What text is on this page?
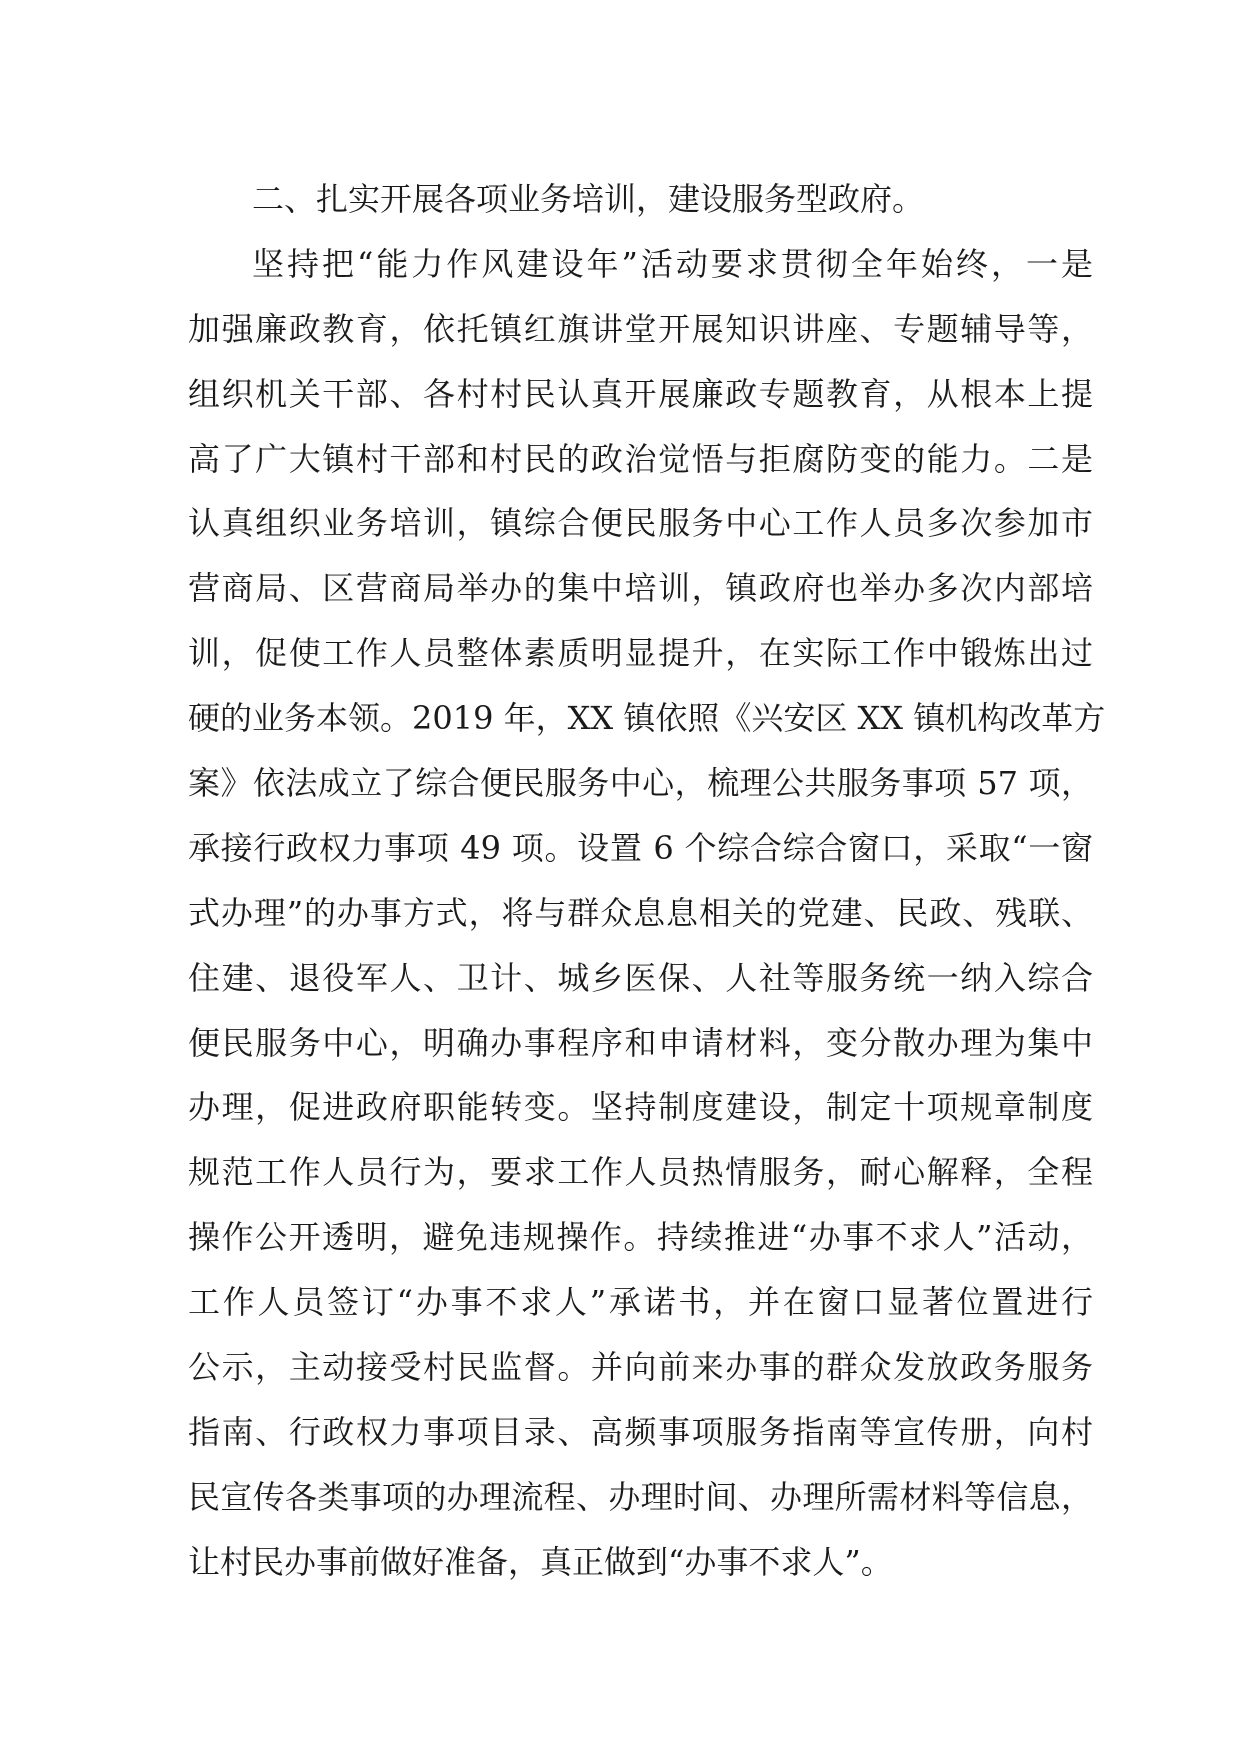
二、扎实开展各项业务培训，建设服务型政府。
坚持把“能力作风建设年”活动要求贯彻全年始终，一是
加强廉政教育，依托镇红旗讲堂开展知识讲座、专题辅导等，
组织机关干部、各村村民认真开展廉政专题教育，从根本上提
高了广大镇村干部和村民的政治觉悟与拒腐防变的能力。二是
认真组织业务培训，镇综合便民服务中心工作人员多次参加市
营商局、区营商局举办的集中培训，镇政府也举办多次内部培
训，促使工作人员整体素质明显提升，在实际工作中锻炼出过
硬的业务本领。2019 年，XX 镇依照《兴安区 XX 镇机构改革方
案》依法成立了综合便民服务中心，梳理公共服务事项 57 项，
承接行政权力事项 49 项。设置 6 个综合综合窗口，采取“一窗
式办理”的办事方式，将与群众息息相关的党建、民政、残联、
住建、退役军人、卫计、城乡医保、人社等服务统一纳入综合
便民服务中心，明确办事程序和申请材料，变分散办理为集中
办理，促进政府职能转变。坚持制度建设，制定十项规章制度
规范工作人员行为，要求工作人员热情服务，耐心解释，全程
操作公开透明，避免违规操作。持续推进“办事不求人”活动，
工作人员签订“办事不求人”承诺书，并在窗口显著位置进行
公示，主动接受村民监督。并向前来办事的群众发放政务服务
指南、行政权力事项目录、高频事项服务指南等宣传册，向村
民宣传各类事项的办理流程、办理时间、办理所需材料等信息，
让村民办事前做好准备，真正做到“办事不求人”。
